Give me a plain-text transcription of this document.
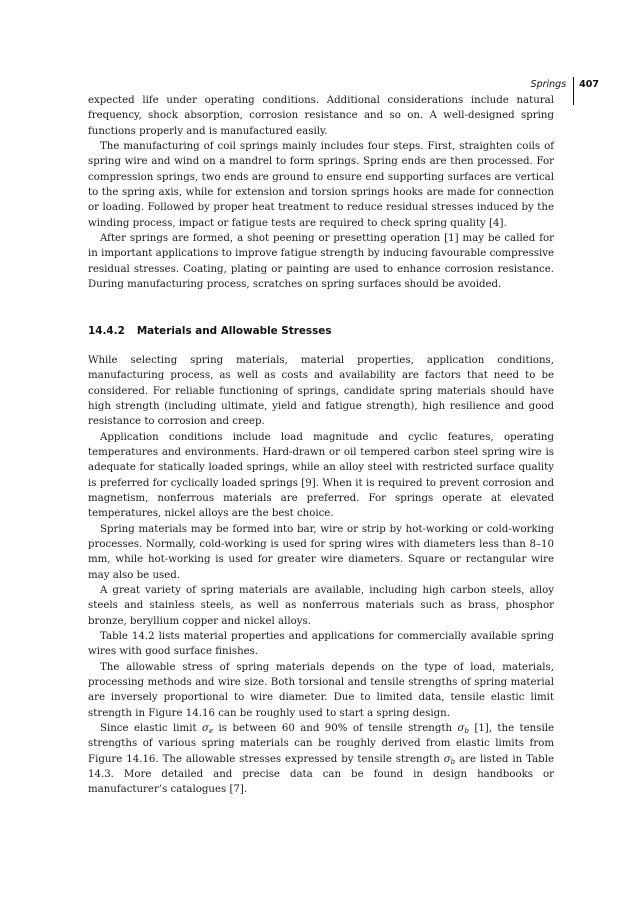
Springs 407

expected life under operating conditions. Additional considerations include natural frequency, shock absorption, corrosion resistance and so on. A well-designed spring functions properly and is manufactured easily.

The manufacturing of coil springs mainly includes four steps. First, straighten coils of spring wire and wind on a mandrel to form springs. Spring ends are then processed. For compression springs, two ends are ground to ensure end supporting surfaces are vertical to the spring axis, while for extension and torsion springs hooks are made for connection or loading. Followed by proper heat treatment to reduce residual stresses induced by the winding process, impact or fatigue tests are required to check spring quality [4].

After springs are formed, a shot peening or presetting operation [1] may be called for in important applications to improve fatigue strength by inducing favourable compressive residual stresses. Coating, plating or painting are used to enhance corrosion resistance. During manufacturing process, scratches on spring surfaces should be avoided.

14.4.2 Materials and Allowable Stresses

While selecting spring materials, material properties, application conditions, manufacturing process, as well as costs and availability are factors that need to be considered. For reliable functioning of springs, candidate spring materials should have high strength (including ultimate, yield and fatigue strength), high resilience and good resistance to corrosion and creep.

Application conditions include load magnitude and cyclic features, operating temperatures and environments. Hard-drawn or oil tempered carbon steel spring wire is adequate for statically loaded springs, while an alloy steel with restricted surface quality is preferred for cyclically loaded springs [9]. When it is required to prevent corrosion and magnetism, nonferrous materials are preferred. For springs operate at elevated temperatures, nickel alloys are the best choice.

Spring materials may be formed into bar, wire or strip by hot-working or cold-working processes. Normally, cold-working is used for spring wires with diameters less than 8–10 mm, while hot-working is used for greater wire diameters. Square or rectangular wire may also be used.

A great variety of spring materials are available, including high carbon steels, alloy steels and stainless steels, as well as nonferrous materials such as brass, phosphor bronze, beryllium copper and nickel alloys.

Table 14.2 lists material properties and applications for commercially available spring wires with good surface finishes.

The allowable stress of spring materials depends on the type of load, materials, processing methods and wire size. Both torsional and tensile strengths of spring material are inversely proportional to wire diameter. Due to limited data, tensile elastic limit strength in Figure 14.16 can be roughly used to start a spring design.

Since elastic limit $\sigma_e$ is between 60 and 90% of tensile strength $\sigma_b$ [1], the tensile strengths of various spring materials can be roughly derived from elastic limits from Figure 14.16. The allowable stresses expressed by tensile strength $\sigma_b$ are listed in Table 14.3. More detailed and precise data can be found in design handbooks or manufacturer’s catalogues [7].
